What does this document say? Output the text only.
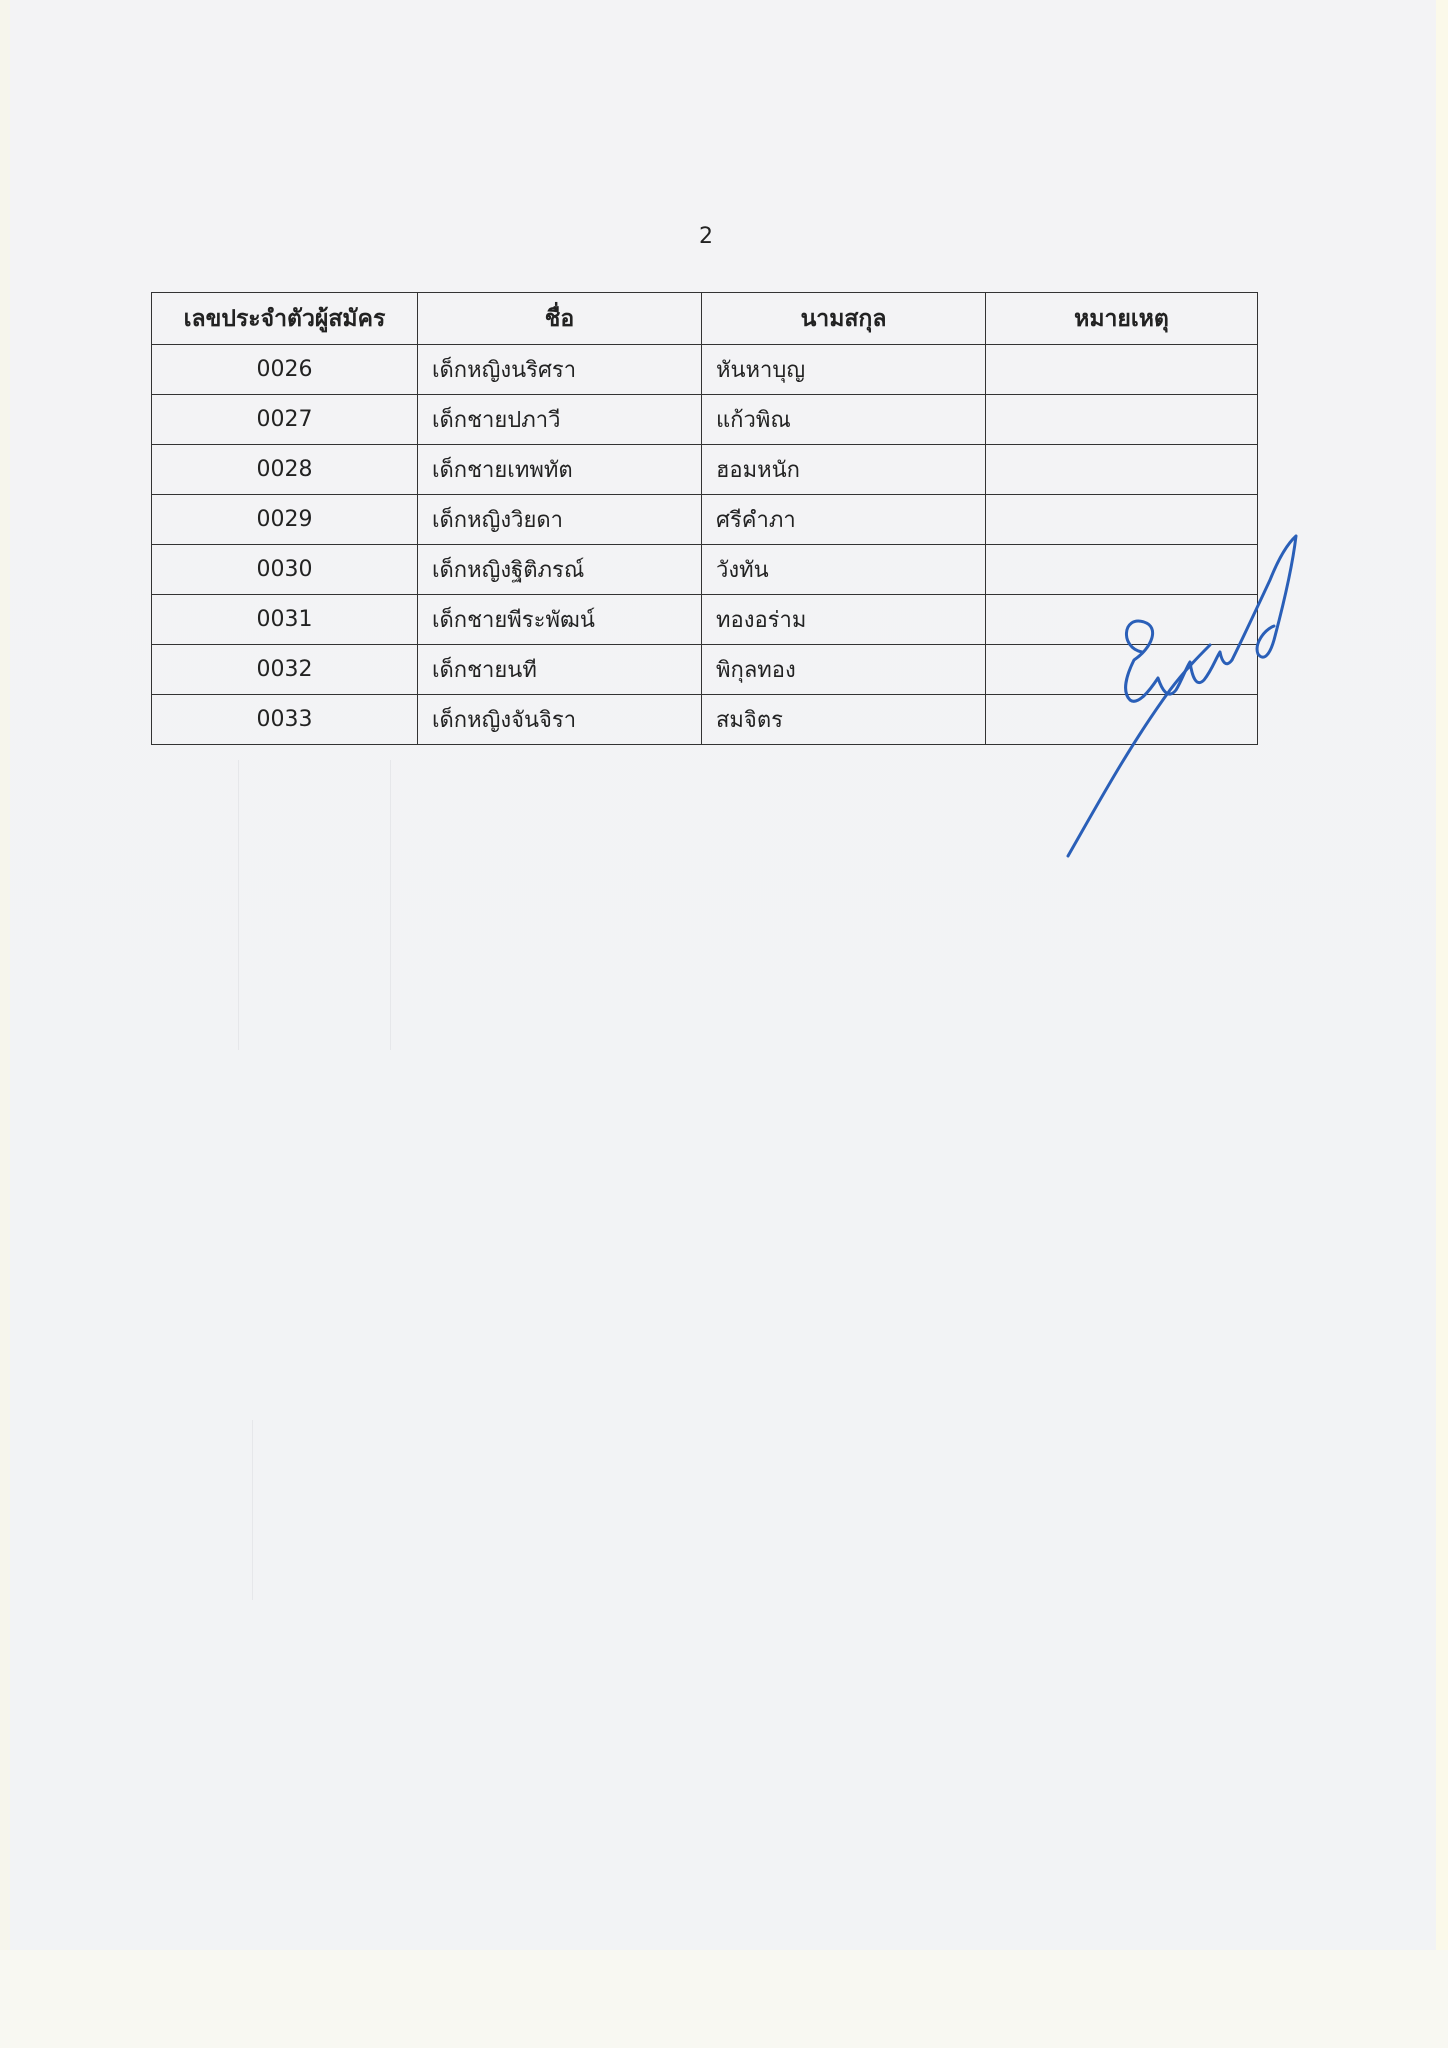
2
เลขประจำตัวผู้สมัคร	ชื่อ	นามสกุล	หมายเหตุ
0026	เด็กหญิงนริศรา	หันหาบุญ	
0027	เด็กชายปภาวี	แก้วพิณ	
0028	เด็กชายเทพทัต	ฮอมหนัก	
0029	เด็กหญิงวิยดา	ศรีคำภา	
0030	เด็กหญิงฐิติภรณ์	วังทัน	
0031	เด็กชายพีระพัฒน์	ทองอร่าม	
0032	เด็กชายนที	พิกุลทอง	
0033	เด็กหญิงจันจิรา	สมจิตร	
